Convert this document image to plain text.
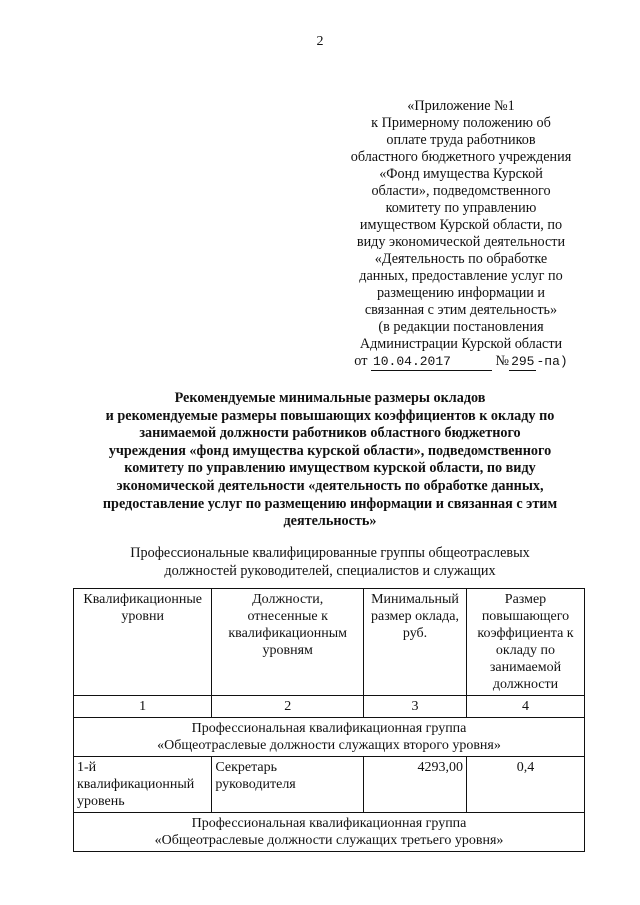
2
«Приложение №1
к Примерному положению об
оплате труда работников
областного бюджетного учреждения
«Фонд имущества Курской
области», подведомственного
комитету по управлению
имуществом Курской области, по
виду экономической деятельности
«Деятельность по обработке
данных, предоставление услуг по
размещению информации и
связанная с этим деятельность»
(в редакции постановления
Администрации Курской области
от 10.04.2017	№ 295 -па)
Рекомендуемые минимальные размеры окладов
и рекомендуемые размеры повышающих коэффициентов к окладу по
занимаемой должности работников областного бюджетного
учреждения «фонд имущества курской области», подведомственного
комитету по управлению имуществом курской области, по виду
экономической деятельности «деятельность по обработке данных,
предоставление услуг по размещению информации и связанная с этим
деятельность»
Профессиональные квалифицированные группы общеотраслевых
должностей руководителей, специалистов и служащих
Квалификационные уровни	Должности, отнесенные к квалификационным уровням	Минимальный размер оклада, руб.	Размер повышающего коэффициента к окладу по занимаемой должности
1	2	3	4

Профессиональная квалификационная группа
«Общеотраслевые должности служащих второго уровня»			

1-й квалификационный уровень	Секретарь руководителя	4293,00	0,4

Профессиональная квалификационная группа
«Общеотраслевые должности служащих третьего уровня»			
